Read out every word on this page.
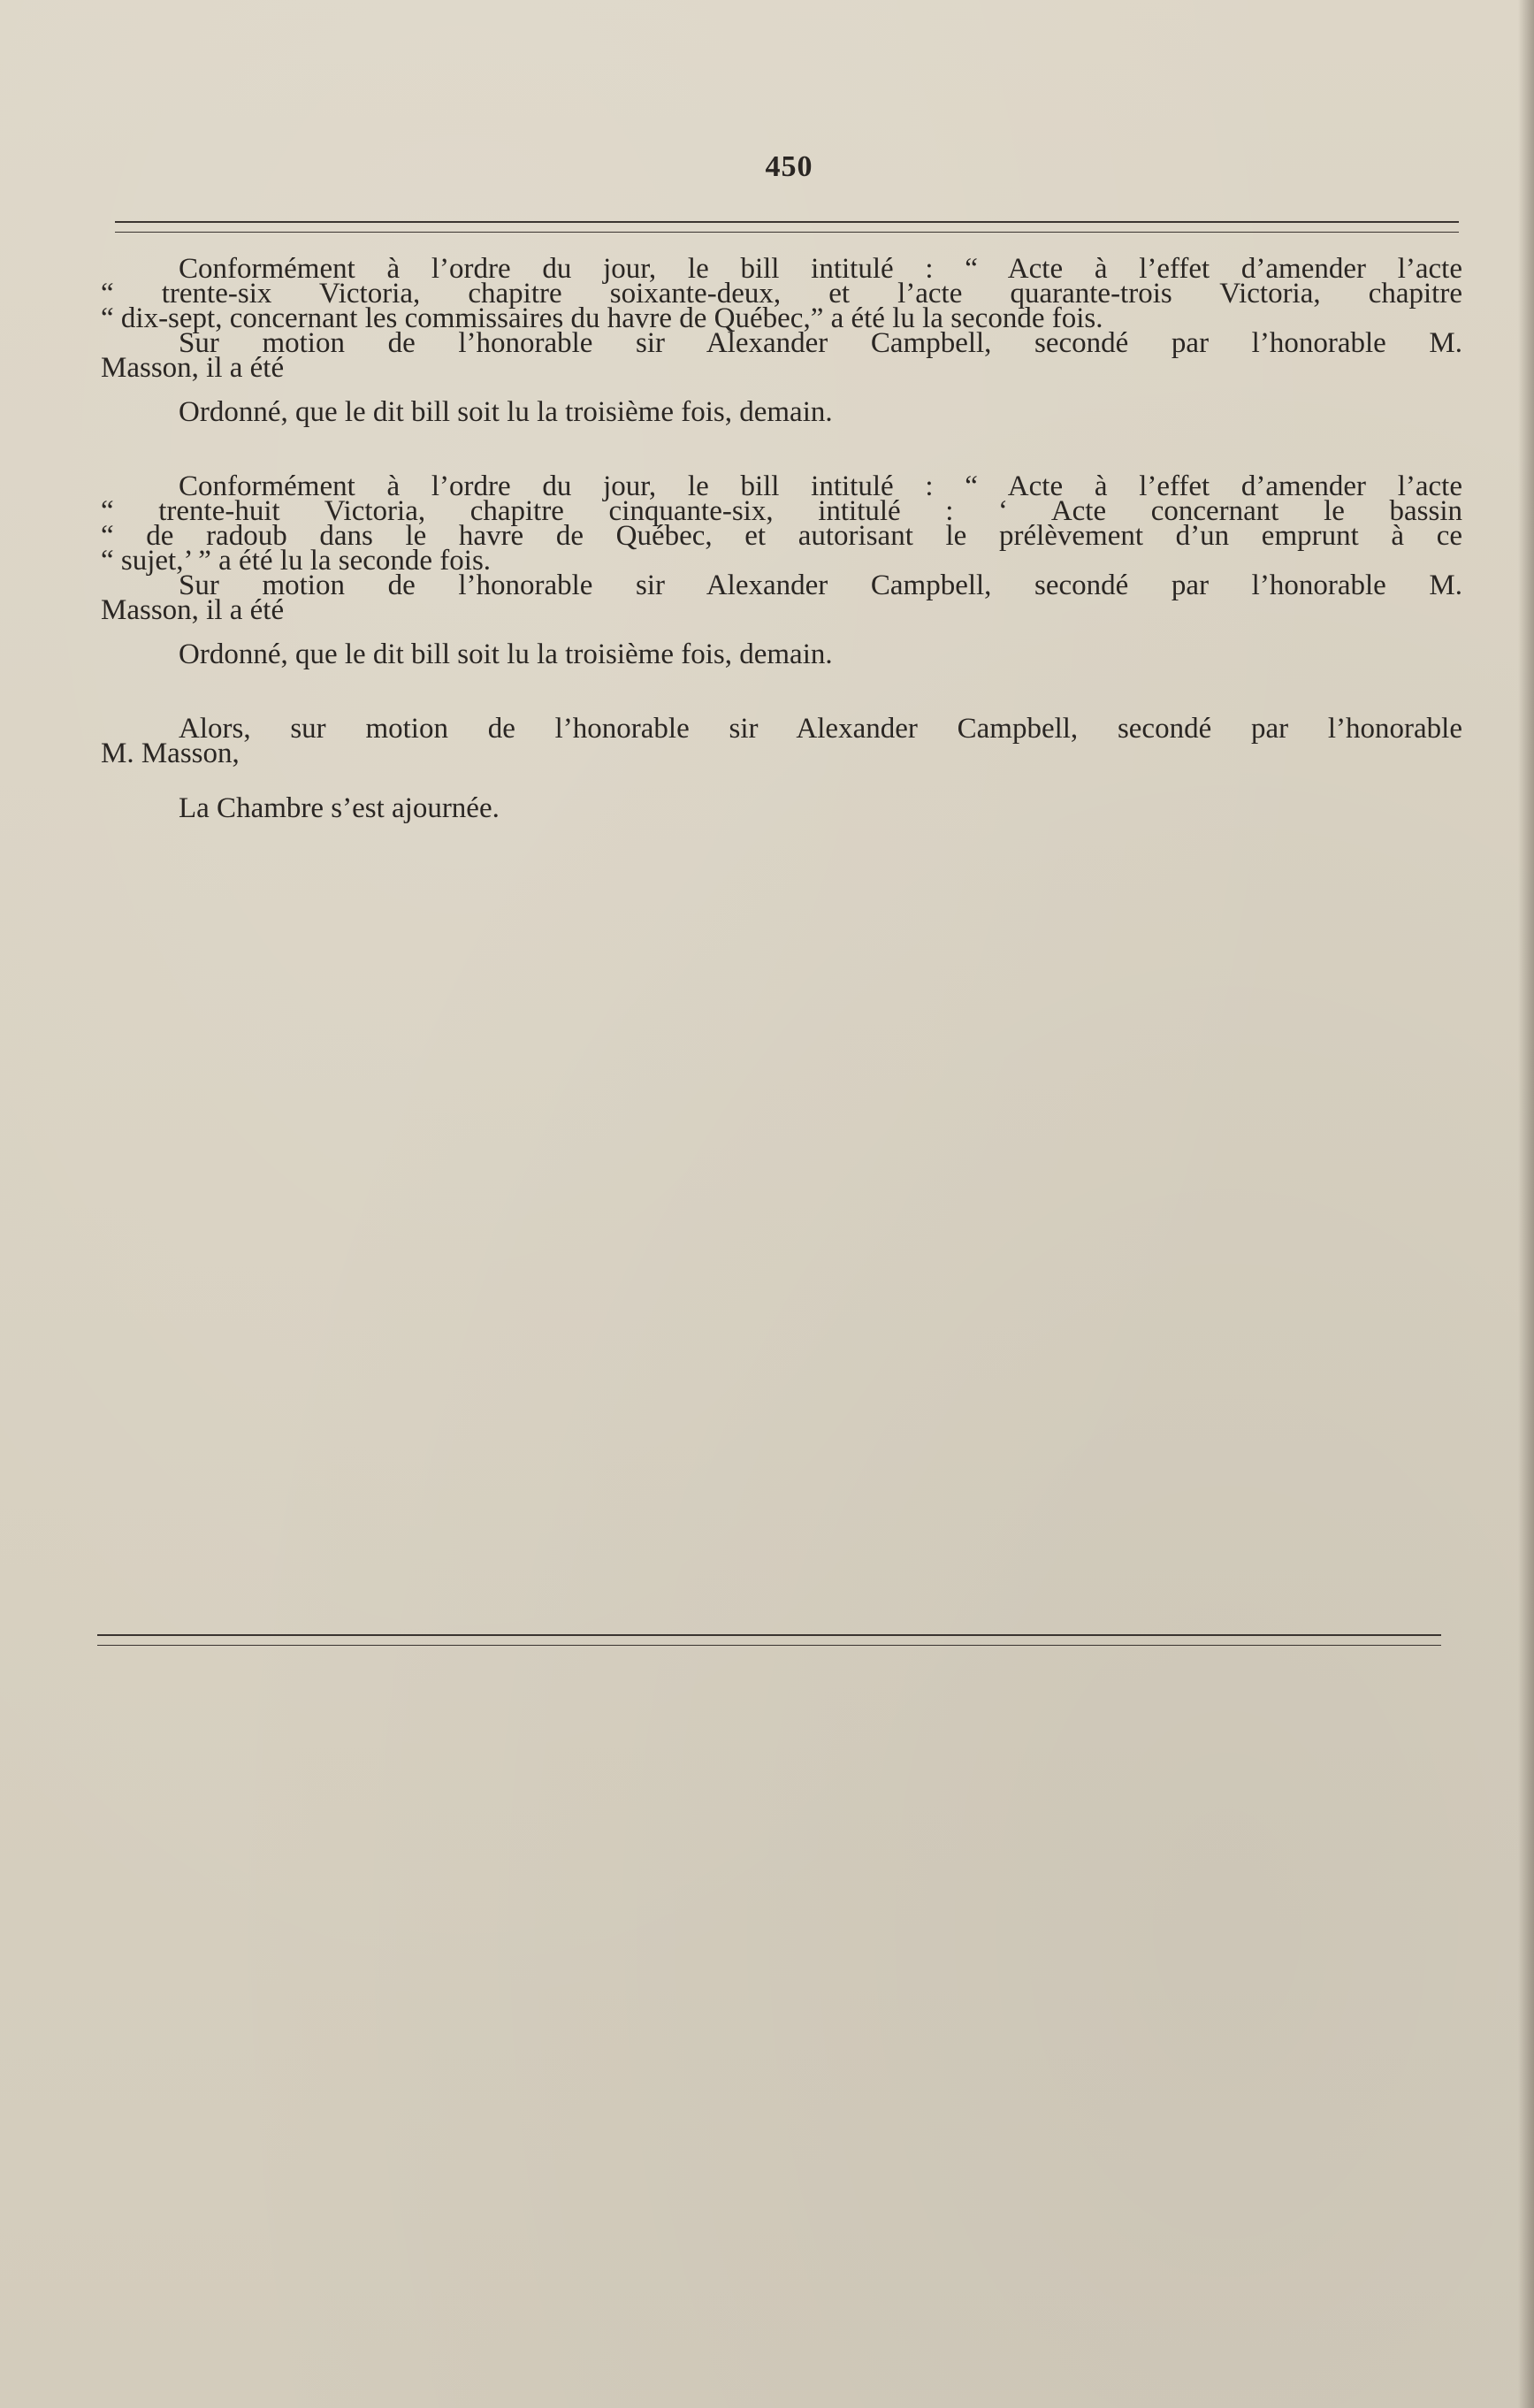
450
Conformément à l’ordre du jour, le bill intitulé : “ Acte à l’effet d’amender l’acte
“ trente-six Victoria, chapitre soixante-deux, et l’acte quarante-trois Victoria, chapitre
“ dix-sept, concernant les commissaires du havre de Québec,” a été lu la seconde fois.
Sur motion de l’honorable sir Alexander Campbell, secondé par l’honorable M.
Masson, il a été
Ordonné, que le dit bill soit lu la troisième fois, demain.
Conformément à l’ordre du jour, le bill intitulé : “ Acte à l’effet d’amender l’acte
“ trente-huit Victoria, chapitre cinquante-six, intitulé : ‘ Acte concernant le bassin
“ de radoub dans le havre de Québec, et autorisant le prélèvement d’un emprunt à ce
“ sujet,’ ” a été lu la seconde fois.
Sur motion de l’honorable sir Alexander Campbell, secondé par l’honorable M.
Masson, il a été
Ordonné, que le dit bill soit lu la troisième fois, demain.
Alors, sur motion de l’honorable sir Alexander Campbell, secondé par l’honorable
M. Masson,
La Chambre s’est ajournée.
